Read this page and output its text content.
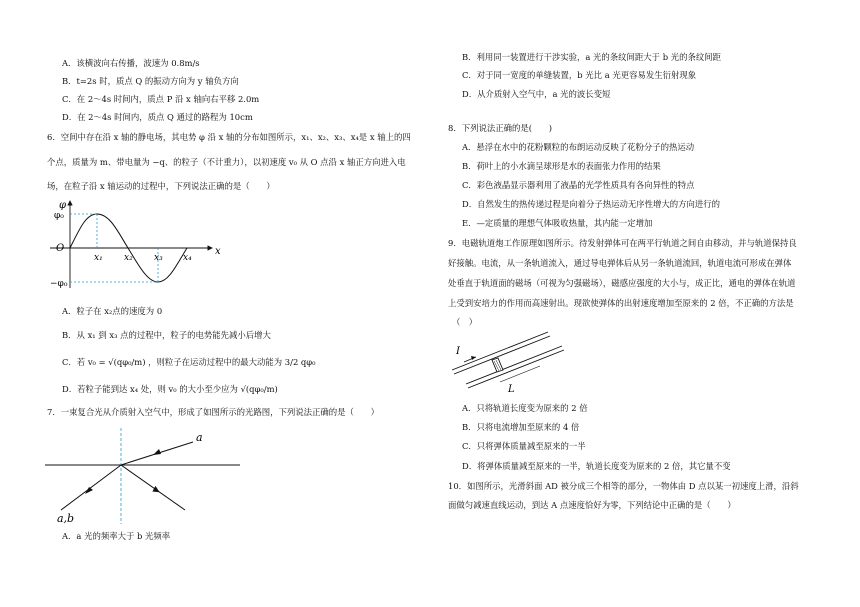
A．该横波向右传播，波速为 0.8m/s
B．t=2s 时，质点 Q 的振动方向为 y 轴负方向
C．在 2～4s 时间内，质点 P 沿 x 轴向右平移 2.0m
D．在 2～4s 时间内，质点 Q 通过的路程为 10cm
6．空间中存在沿 x 轴的静电场，其电势 φ 沿 x 轴的分布如图所示，x₁、x₂、x₃、x₄是 x 轴上的四
个点，质量为 m、带电量为 −q、的粒子（不计重力），以初速度 v₀ 从 O 点沿 x 轴正方向进入电
场，在粒子沿 x 轴运动的过程中，下列说法正确的是（　　）
φ
φ₀
O
−φ₀
x₁ x₂ x₃ x₄
x
A．粒子在 x₂点的速度为 0
B．从 x₁ 到 x₃ 点的过程中，粒子的电势能先减小后增大
C．若 v₀ = √(qφ₀/m) ，则粒子在运动过程中的最大动能为 3/2 qφ₀
D．若粒子能到达 x₄ 处，则 v₀ 的大小至少应为 √(qφ₀/m)
7．一束复合光从介质射入空气中，形成了如图所示的光路图，下列说法正确的是（　　）
a
a,b
A．a 光的频率大于 b 光频率
B．利用同一装置进行干涉实验，a 光的条纹间距大于 b 光的条纹间距
C．对于同一宽度的单缝装置，b 光比 a 光更容易发生衍射现象
D．从介质射入空气中，a 光的波长变短
8．下列说法正确的是(　　)
A．悬浮在水中的花粉颗粒的布朗运动反映了花粉分子的热运动
B．荷叶上的小水滴呈球形是水的表面张力作用的结果
C．彩色液晶显示器利用了液晶的光学性质具有各向异性的特点
D．自然发生的热传递过程是向着分子热运动无序性增大的方向进行的
E．—定质量的理想气体吸收热量，其内能一定增加
9．电磁轨道炮工作原理如图所示。待发射弹体可在两平行轨道之间自由移动，并与轨道保持良
好接触。电流，从一条轨道流入，通过导电弹体后从另一条轨道流回，轨道电流可形成在弹体
处垂直于轨道面的磁场（可视为匀强磁场），磁感应强度的大小与，成正比，通电的弹体在轨道
上受到安培力的作用而高速射出。现欲使弹体的出射速度增加至原来的 2 倍，不正确的方法是
（　）
I
L
A．只将轨道长度变为原来的 2 倍
B．只将电流增加至原来的 4 倍
C．只将弹体质量减至原来的一半
D．将弹体质量减至原来的一半，轨道长度变为原来的 2 倍，其它量不变
10．如图所示，光滑斜面 AD 被分成三个相等的部分，一物体由 D 点以某一初速度上滑，沿斜
面做匀减速直线运动，到达 A 点速度恰好为零，下列结论中正确的是（　　）
